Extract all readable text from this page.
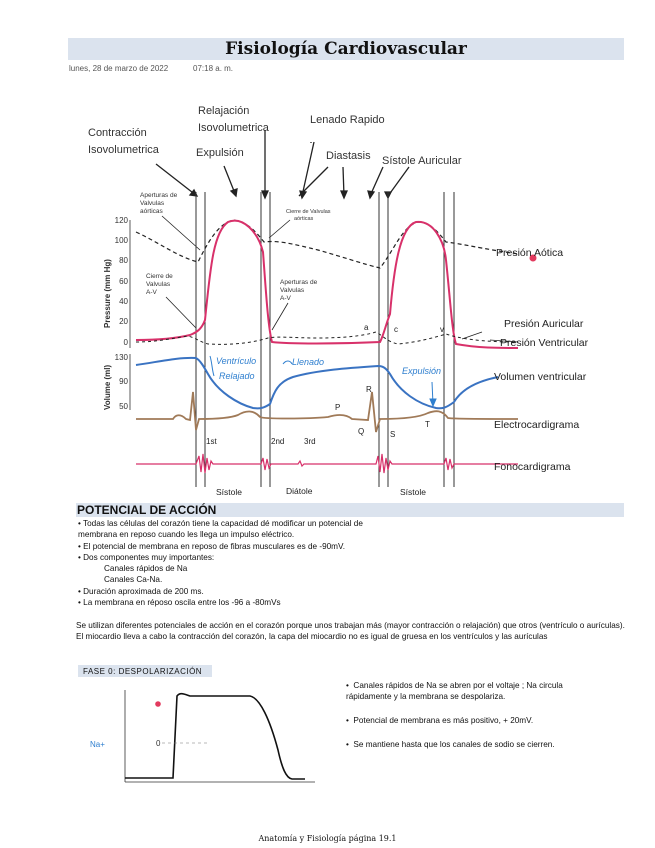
Fisiología Cardiovascular
lunes, 28 de marzo de 2022	07:18 a. m.
Contracción
Isovolumetrica
Relajación
Isovolumetrica
Expulsión
Lenado Rapido
Diastasis Sístole Auricular
Aperturas de
Valvulas
aórticas	Cierre de Valvulas
aórticas
Cierre de
Valvulas
A-V
Aperturas de
Valvulas
A-V
120
100
80
60
40
20
0
Pressure (mm Hg)
130
90
50
Volume (ml)
a	c	v
P
R
Q	S
T
1st	2nd 3rd
Ventrículo
Relajado
Llenado
Expulsión
Presión Aótica
Presión Auricular
Presión Ventricular
Volumen ventricular
Electrocardigrama
Fonocardigrama
Sístole	Diátole	Sístole
POTENCIAL DE ACCIÓN
• Todas las células del corazón tiene la capacidad dé modificar un potencial de
membrana en reposo cuando les llega un impulso eléctrico.
• El potencial de membrana en reposo de fibras musculares es de -90mV.
• Dos componentes muy importantes:
Canales rápidos de Na
Canales Ca-Na.
• Duración aproximada de 200 ms.
• La membrana en réposo oscila entre los -96 a -80mVs
Se utilizan diferentes potenciales de acción en el corazón porque unos trabajan más (mayor contracción o relajación) que otros (ventrículo o aurículas). El miocardio lleva a cabo la contracción del corazón, la capa del miocardio no es igual de gruesa en los ventrículos y las aurículas
FASE 0: DESPOLARIZACIÓN
Na+	0
•  Canales rápidos de Na se abren por el voltaje ; Na circula rápidamente y la membrana se despolariza.
•  Potencial de membrana es más positivo, + 20mV.
•  Se mantiene hasta que los canales de sodio se cierren.
Anatomía y Fisiología página 19.1
